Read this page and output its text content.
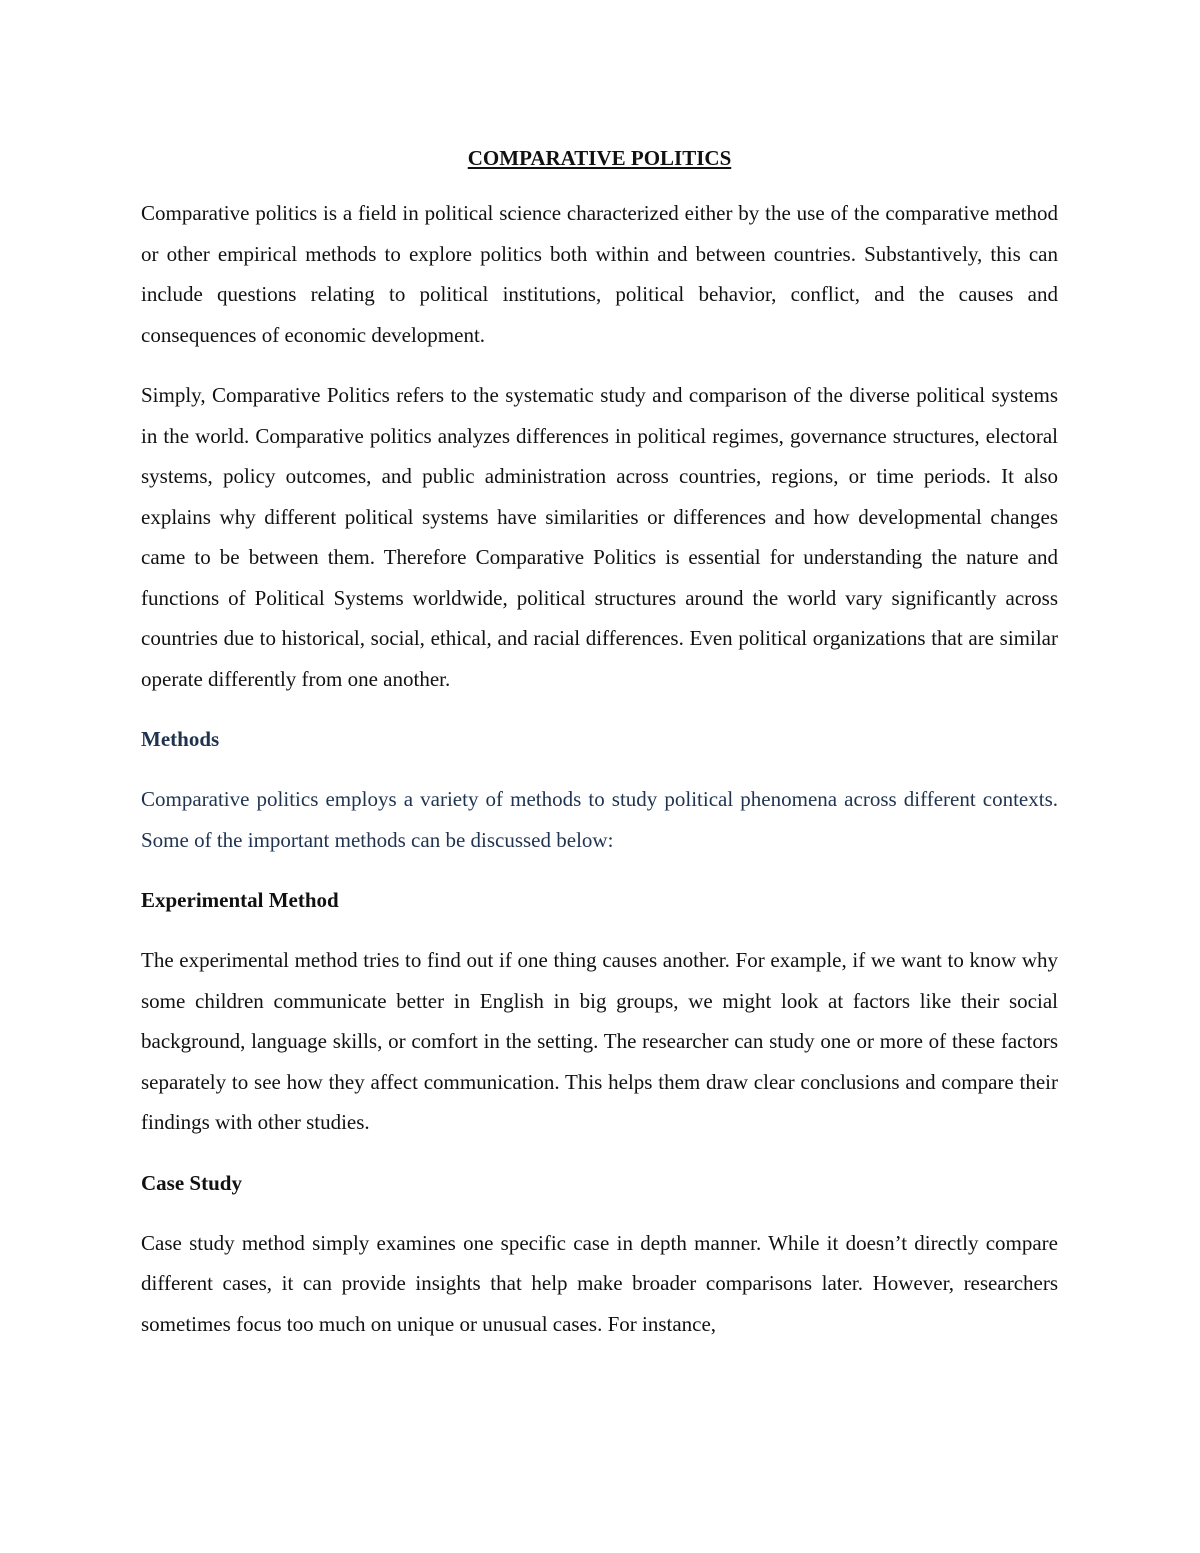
COMPARATIVE POLITICS

Comparative politics is a field in political science characterized either by the use of the comparative method or other empirical methods to explore politics both within and between countries. Substantively, this can include questions relating to political institutions, political behavior, conflict, and the causes and consequences of economic development.

Simply, Comparative Politics refers to the systematic study and comparison of the diverse political systems in the world. Comparative politics analyzes differences in political regimes, governance structures, electoral systems, policy outcomes, and public administration across countries, regions, or time periods. It also explains why different political systems have similarities or differences and how developmental changes came to be between them. Therefore Comparative Politics is essential for understanding the nature and functions of Political Systems worldwide, political structures around the world vary significantly across countries due to historical, social, ethical, and racial differences. Even political organizations that are similar operate differently from one another.

Methods

Comparative politics employs a variety of methods to study political phenomena across different contexts. Some of the important methods can be discussed below:

Experimental Method

The experimental method tries to find out if one thing causes another. For example, if we want to know why some children communicate better in English in big groups, we might look at factors like their social background, language skills, or comfort in the setting. The researcher can study one or more of these factors separately to see how they affect communication. This helps them draw clear conclusions and compare their findings with other studies.

Case Study

Case study method simply examines one specific case in depth manner. While it doesn’t directly compare different cases, it can provide insights that help make broader comparisons later. However, researchers sometimes focus too much on unique or unusual cases. For instance,
